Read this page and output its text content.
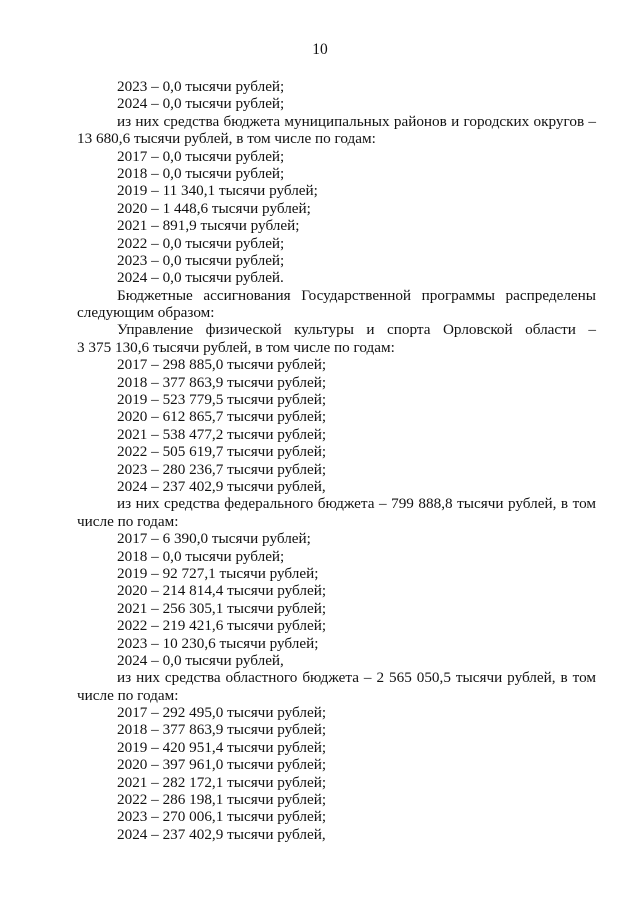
10
2023 – 0,0 тысячи рублей;
2024 – 0,0 тысячи рублей;
из них средства бюджета муниципальных районов и городских округов –
13 680,6 тысячи рублей, в том числе по годам:
2017 – 0,0 тысячи рублей;
2018 – 0,0 тысячи рублей;
2019 – 11 340,1 тысячи рублей;
2020 – 1 448,6 тысячи рублей;
2021 – 891,9 тысячи рублей;
2022 – 0,0 тысячи рублей;
2023 – 0,0 тысячи рублей;
2024 – 0,0 тысячи рублей.
Бюджетные ассигнования Государственной программы распределены
следующим образом:
Управление физической культуры и спорта Орловской области –
3 375 130,6 тысячи рублей, в том числе по годам:
2017 – 298 885,0 тысячи рублей;
2018 – 377 863,9 тысячи рублей;
2019 – 523 779,5 тысячи рублей;
2020 – 612 865,7 тысячи рублей;
2021 – 538 477,2 тысячи рублей;
2022 – 505 619,7 тысячи рублей;
2023 – 280 236,7 тысячи рублей;
2024 – 237 402,9 тысячи рублей,
из них средства федерального бюджета – 799 888,8 тысячи рублей, в том
числе по годам:
2017 – 6 390,0 тысячи рублей;
2018 – 0,0 тысячи рублей;
2019 – 92 727,1 тысячи рублей;
2020 – 214 814,4 тысячи рублей;
2021 – 256 305,1 тысячи рублей;
2022 – 219 421,6 тысячи рублей;
2023 – 10 230,6 тысячи рублей;
2024 – 0,0 тысячи рублей,
из них средства областного бюджета – 2 565 050,5 тысячи рублей, в том
числе по годам:
2017 – 292 495,0 тысячи рублей;
2018 – 377 863,9 тысячи рублей;
2019 – 420 951,4 тысячи рублей;
2020 – 397 961,0 тысячи рублей;
2021 – 282 172,1 тысячи рублей;
2022 – 286 198,1 тысячи рублей;
2023 – 270 006,1 тысячи рублей;
2024 – 237 402,9 тысячи рублей,
